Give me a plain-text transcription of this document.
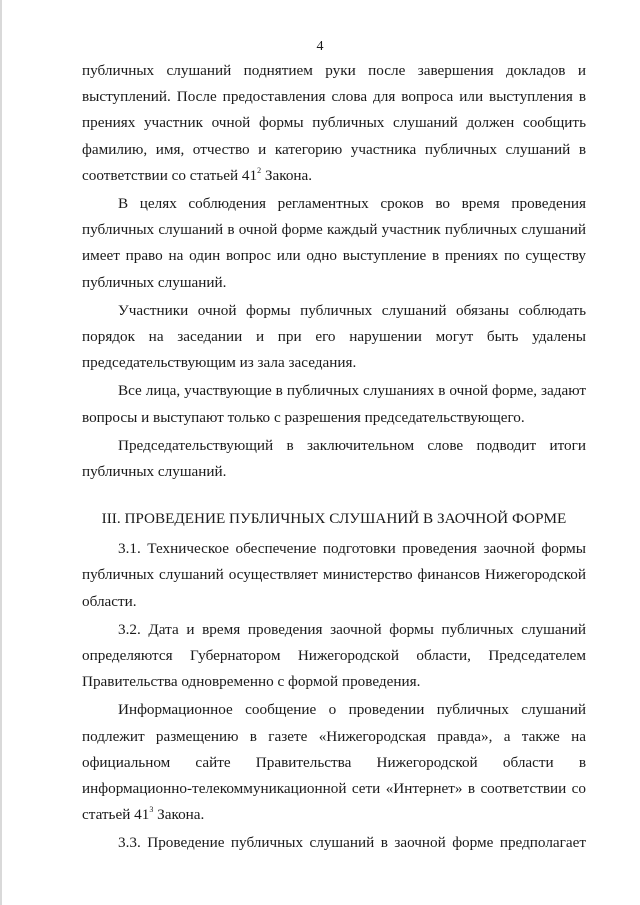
4

публичных слушаний поднятием руки после завершения докладов и выступлений. После предоставления слова для вопроса или выступления в прениях участник очной формы публичных слушаний должен сообщить фамилию, имя, отчество и категорию участника публичных слушаний в соответствии со статьей $41^2$ Закона.

В целях соблюдения регламентных сроков во время проведения публичных слушаний в очной форме каждый участник публичных слушаний имеет право на один вопрос или одно выступление в прениях по существу публичных слушаний.

Участники очной формы публичных слушаний обязаны соблюдать порядок на заседании и при его нарушении могут быть удалены председательствующим из зала заседания.

Все лица, участвующие в публичных слушаниях в очной форме, задают вопросы и выступают только с разрешения председательствующего.

Председательствующий в заключительном слове подводит итоги публичных слушаний.

III. ПРОВЕДЕНИЕ ПУБЛИЧНЫХ СЛУШАНИЙ В ЗАОЧНОЙ ФОРМЕ

3.1. Техническое обеспечение подготовки проведения заочной формы публичных слушаний осуществляет министерство финансов Нижегородской области.

3.2. Дата и время проведения заочной формы публичных слушаний определяются Губернатором Нижегородской области, Председателем Правительства одновременно с формой проведения.

Информационное сообщение о проведении публичных слушаний подлежит размещению в газете «Нижегородская правда», а также на официальном сайте Правительства Нижегородской области в информационно-телекоммуникационной сети «Интернет» в соответствии со статьей $41^3$ Закона.

3.3. Проведение публичных слушаний в заочной форме предполагает
